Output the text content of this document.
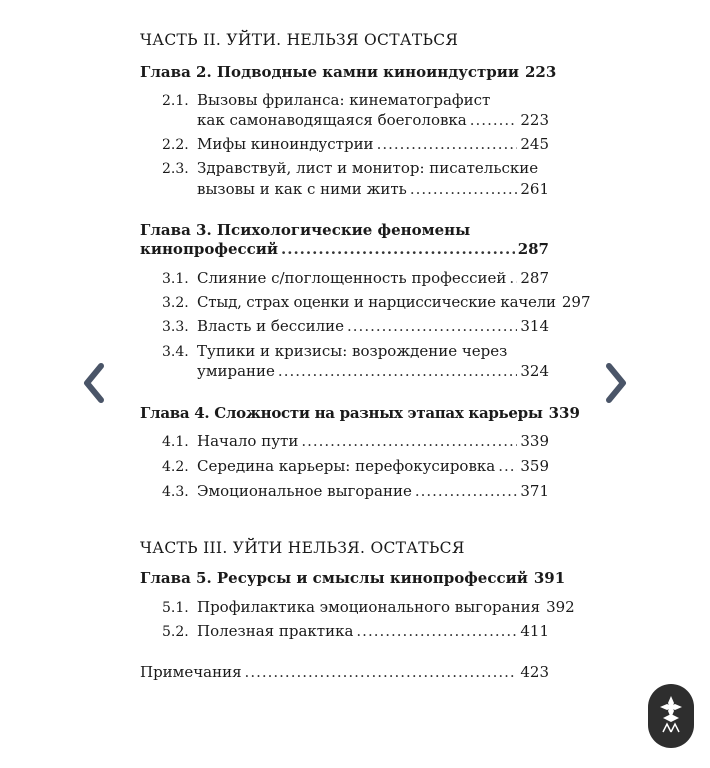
ЧАСТЬ II. УЙТИ. НЕЛЬЗЯ ОСТАТЬСЯ
Глава 2. Подводные камни киноиндустрии 223
2.1. Вызовы фриланса: кинематографист
как самонаводящаяся боеголовка .....	223
2.2. Мифы киноиндустрии .....	245
2.3. Здравствуй, лист и монитор: писательские
вызовы и как с ними жить .....	261
Глава 3. Психологические феномены
кинопрофессий .....	287
3.1. Слияние с/поглощенность профессией ..... 287
3.2. Стыд, страх оценки и нарциссические качели 297
3.3. Власть и бессилие .....	314
3.4. Тупики и кризисы: возрождение через
умирание .....	324
Глава 4. Сложности на разных этапах карьеры 339
4.1. Начало пути .....	339
4.2. Середина карьеры: перефокусировка ..... 359
4.3. Эмоциональное выгорание .....	371
ЧАСТЬ III. УЙТИ НЕЛЬЗЯ. ОСТАТЬСЯ
Глава 5. Ресурсы и смыслы кинопрофессий 391
5.1. Профилактика эмоционального выгорания 392
5.2. Полезная практика .....	411
Примечания .....	423
